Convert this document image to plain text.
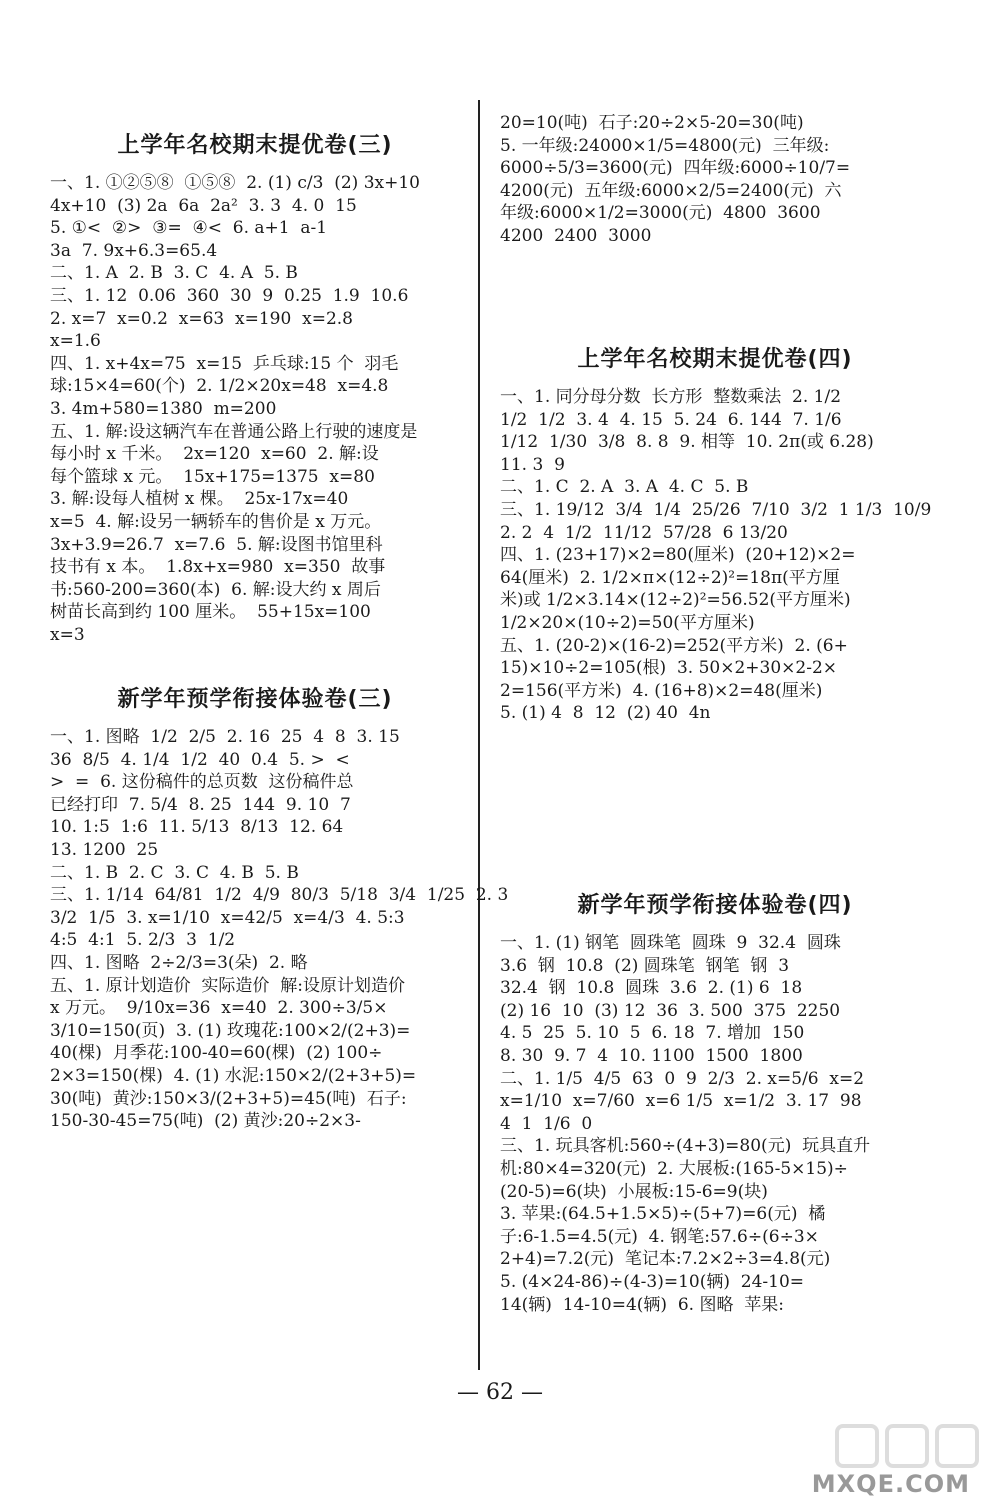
上学年名校期末提优卷(三)
一、1. ①②⑤⑧  ①⑤⑧  2. (1) c/3  (2) 3x+10
4x+10  (3) 2a  6a  2a²  3. 3  4. 0  15
5. ①<  ②>  ③=  ④<  6. a+1  a-1
3a  7. 9x+6.3=65.4
二、1. A  2. B  3. C  4. A  5. B
三、1. 12  0.06  360  30  9  0.25  1.9  10.6
2. x=7  x=0.2  x=63  x=190  x=2.8
x=1.6
四、1. x+4x=75  x=15  乒乓球:15 个  羽毛
球:15×4=60(个)  2. 1/2×20x=48  x=4.8
3. 4m+580=1380  m=200
五、1. 解:设这辆汽车在普通公路上行驶的速度是
每小时 x 千米。  2x=120  x=60  2. 解:设
每个篮球 x 元。  15x+175=1375  x=80
3. 解:设每人植树 x 棵。  25x-17x=40
x=5  4. 解:设另一辆轿车的售价是 x 万元。
3x+3.9=26.7  x=7.6  5. 解:设图书馆里科
技书有 x 本。  1.8x+x=980  x=350  故事
书:560-200=360(本)  6. 解:设大约 x 周后
树苗长高到约 100 厘米。  55+15x=100
x=3
新学年预学衔接体验卷(三)
一、1. 图略  1/2  2/5  2. 16  25  4  8  3. 15
36  8/5  4. 1/4  1/2  40  0.4  5. >  <
>  =  6. 这份稿件的总页数  这份稿件总
已经打印  7. 5/4  8. 25  144  9. 10  7
10. 1:5  1:6  11. 5/13  8/13  12. 64
13. 1200  25
二、1. B  2. C  3. C  4. B  5. B
三、1. 1/14  64/81  1/2  4/9  80/3  5/18  3/4  1/25  2. 3
3/2  1/5  3. x=1/10  x=42/5  x=4/3  4. 5:3
4:5  4:1  5. 2/3  3  1/2
四、1. 图略  2÷2/3=3(朵)  2. 略
五、1. 原计划造价  实际造价  解:设原计划造价
x 万元。  9/10x=36  x=40  2. 300÷3/5×
3/10=150(页)  3. (1) 玫瑰花:100×2/(2+3)=
40(棵)  月季花:100-40=60(棵)  (2) 100÷
2×3=150(棵)  4. (1) 水泥:150×2/(2+3+5)=
30(吨)  黄沙:150×3/(2+3+5)=45(吨)  石子:
150-30-45=75(吨)  (2) 黄沙:20÷2×3-
20=10(吨)  石子:20÷2×5-20=30(吨)
5. 一年级:24000×1/5=4800(元)  三年级:
6000÷5/3=3600(元)  四年级:6000÷10/7=
4200(元)  五年级:6000×2/5=2400(元)  六
年级:6000×1/2=3000(元)  4800  3600
4200  2400  3000
上学年名校期末提优卷(四)
一、1. 同分母分数  长方形  整数乘法  2. 1/2
1/2  1/2  3. 4  4. 15  5. 24  6. 144  7. 1/6
1/12  1/30  3/8  8. 8  9. 相等  10. 2π(或 6.28)
11. 3  9
二、1. C  2. A  3. A  4. C  5. B
三、1. 19/12  3/4  1/4  25/26  7/10  3/2  1 1/3  10/9
2. 2  4  1/2  11/12  57/28  6 13/20
四、1. (23+17)×2=80(厘米)  (20+12)×2=
64(厘米)  2. 1/2×π×(12÷2)²=18π(平方厘
米)或 1/2×3.14×(12÷2)²=56.52(平方厘米)
1/2×20×(10÷2)=50(平方厘米)
五、1. (20-2)×(16-2)=252(平方米)  2. (6+
15)×10÷2=105(根)  3. 50×2+30×2-2×
2=156(平方米)  4. (16+8)×2=48(厘米)
5. (1) 4  8  12  (2) 40  4n
新学年预学衔接体验卷(四)
一、1. (1) 钢笔  圆珠笔  圆珠  9  32.4  圆珠
3.6  钢  10.8  (2) 圆珠笔  钢笔  钢  3
32.4  钢  10.8  圆珠  3.6  2. (1) 6  18
(2) 16  10  (3) 12  36  3. 500  375  2250
4. 5  25  5. 10  5  6. 18  7. 增加  150
8. 30  9. 7  4  10. 1100  1500  1800
二、1. 1/5  4/5  63  0  9  2/3  2. x=5/6  x=2
x=1/10  x=7/60  x=6 1/5  x=1/2  3. 17  98
4  1  1/6  0
三、1. 玩具客机:560÷(4+3)=80(元)  玩具直升
机:80×4=320(元)  2. 大展板:(165-5×15)÷
(20-5)=6(块)  小展板:15-6=9(块)
3. 苹果:(64.5+1.5×5)÷(5+7)=6(元)  橘
子:6-1.5=4.5(元)  4. 钢笔:57.6÷(6÷3×
2+4)=7.2(元)  笔记本:7.2×2÷3=4.8(元)
5. (4×24-86)÷(4-3)=10(辆)  24-10=
14(辆)  14-10=4(辆)  6. 图略  苹果:
— 62 —
MXQE.COM
